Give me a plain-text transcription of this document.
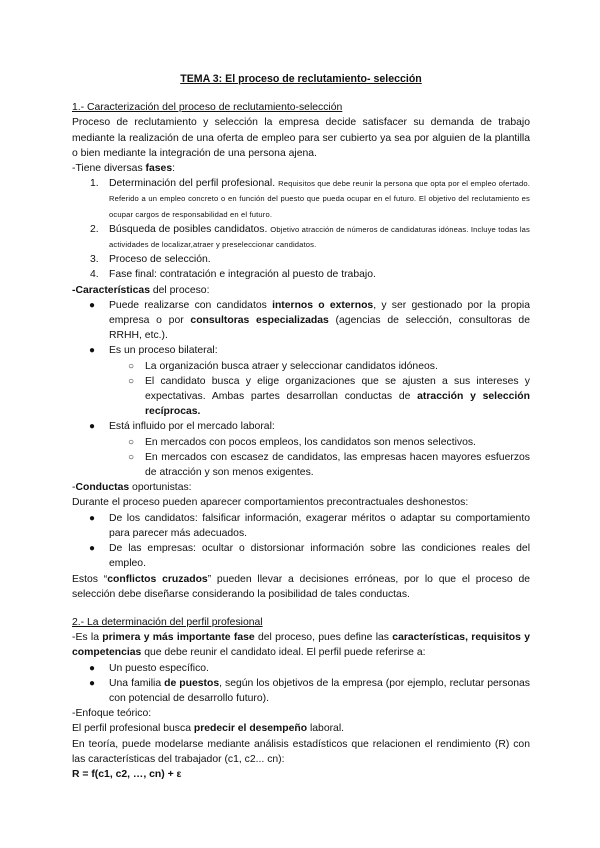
TEMA 3: El proceso de reclutamiento- selección

1.- Caracterización del proceso de reclutamiento-selección

Proceso de reclutamiento y selección la empresa decide satisfacer su demanda de trabajo mediante la realización de una oferta de empleo para ser cubierto ya sea por alguien de la plantilla o bien mediante la integración de una persona ajena.

-Tiene diversas fases:

1. Determinación del perfil profesional. Requisitos que debe reunir la persona que opta por el empleo ofertado. Referido a un empleo concreto o en función del puesto que pueda ocupar en el futuro. El objetivo del reclutamiento es ocupar cargos de responsabilidad en el futuro.
2. Búsqueda de posibles candidatos. Objetivo atracción de números de candidaturas idóneas. Incluye todas las actividades de localizar,atraer y preseleccionar candidatos.
3. Proceso de selección.
4. Fase final: contratación e integración al puesto de trabajo.

-Características del proceso:

● Puede realizarse con candidatos internos o externos, y ser gestionado por la propia empresa o por consultoras especializadas (agencias de selección, consultoras de RRHH, etc.).
● Es un proceso bilateral:
○ La organización busca atraer y seleccionar candidatos idóneos.
○ El candidato busca y elige organizaciones que se ajusten a sus intereses y expectativas. Ambas partes desarrollan conductas de atracción y selección recíprocas.
● Está influido por el mercado laboral:
○ En mercados con pocos empleos, los candidatos son menos selectivos.
○ En mercados con escasez de candidatos, las empresas hacen mayores esfuerzos de atracción y son menos exigentes.

-Conductas oportunistas:

Durante el proceso pueden aparecer comportamientos precontractuales deshonestos:

● De los candidatos: falsificar información, exagerar méritos o adaptar su comportamiento para parecer más adecuados.
● De las empresas: ocultar o distorsionar información sobre las condiciones reales del empleo.

Estos “conflictos cruzados” pueden llevar a decisiones erróneas, por lo que el proceso de selección debe diseñarse considerando la posibilidad de tales conductas.

2.- La determinación del perfil profesional

-Es la primera y más importante fase del proceso, pues define las características, requisitos y competencias que debe reunir el candidato ideal. El perfil puede referirse a:

● Un puesto específico.
● Una familia de puestos, según los objetivos de la empresa (por ejemplo, reclutar personas con potencial de desarrollo futuro).

-Enfoque teórico:

El perfil profesional busca predecir el desempeño laboral.

En teoría, puede modelarse mediante análisis estadísticos que relacionen el rendimiento (R) con las características del trabajador (c1, c2... cn):

R = f(c1, c2, …, cn) + ε
